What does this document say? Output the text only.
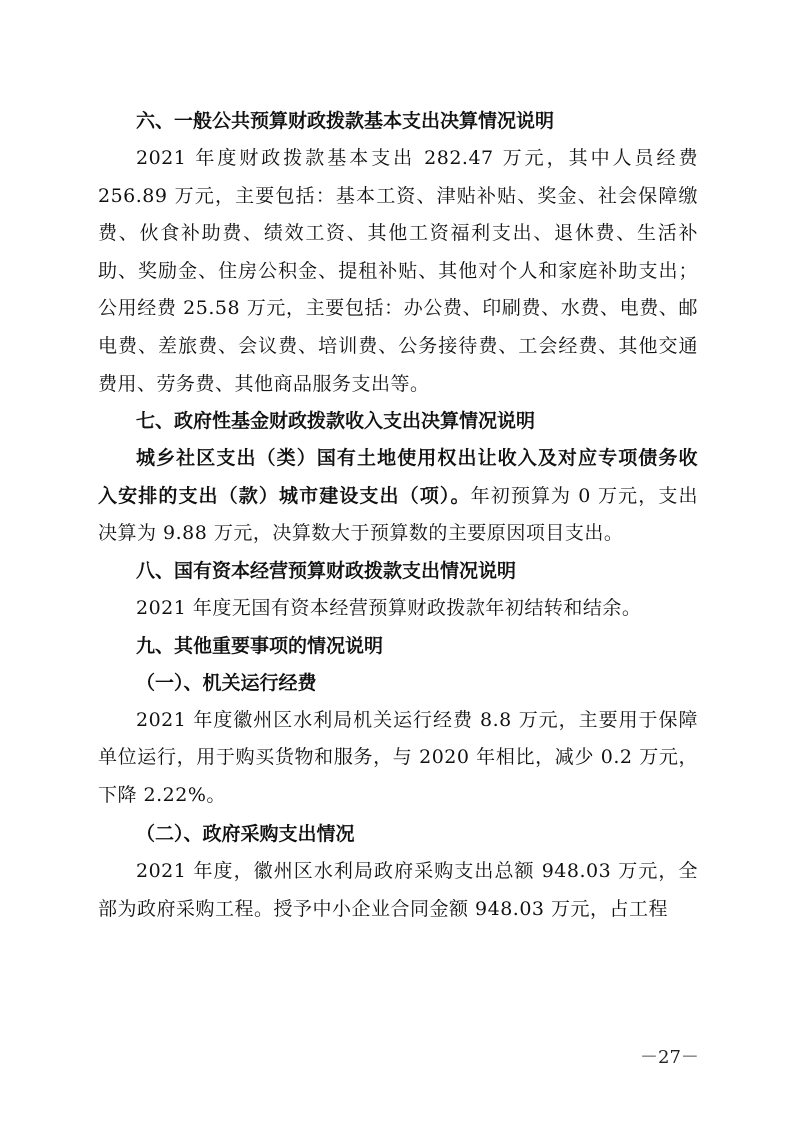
六、一般公共预算财政拨款基本支出决算情况说明

2021 年度财政拨款基本支出 282.47 万元，其中人员经费 256.89 万元，主要包括：基本工资、津贴补贴、奖金、社会保障缴费、伙食补助费、绩效工资、其他工资福利支出、退休费、生活补助、奖励金、住房公积金、提租补贴、其他对个人和家庭补助支出；公用经费 25.58 万元，主要包括：办公费、印刷费、水费、电费、邮电费、差旅费、会议费、培训费、公务接待费、工会经费、其他交通费用、劳务费、其他商品服务支出等。

七、政府性基金财政拨款收入支出决算情况说明

城乡社区支出（类）国有土地使用权出让收入及对应专项债务收入安排的支出（款）城市建设支出（项）。年初预算为 0 万元，支出决算为 9.88 万元，决算数大于预算数的主要原因项目支出。

八、国有资本经营预算财政拨款支出情况说明

2021 年度无国有资本经营预算财政拨款年初结转和结余。

九、其他重要事项的情况说明

（一）、机关运行经费

2021 年度徽州区水利局机关运行经费 8.8 万元，主要用于保障单位运行，用于购买货物和服务，与 2020 年相比，减少 0.2 万元，下降 2.22%。

（二）、政府采购支出情况

2021 年度，徽州区水利局政府采购支出总额 948.03 万元，全部为政府采购工程。授予中小企业合同金额 948.03 万元，占工程

－27－
